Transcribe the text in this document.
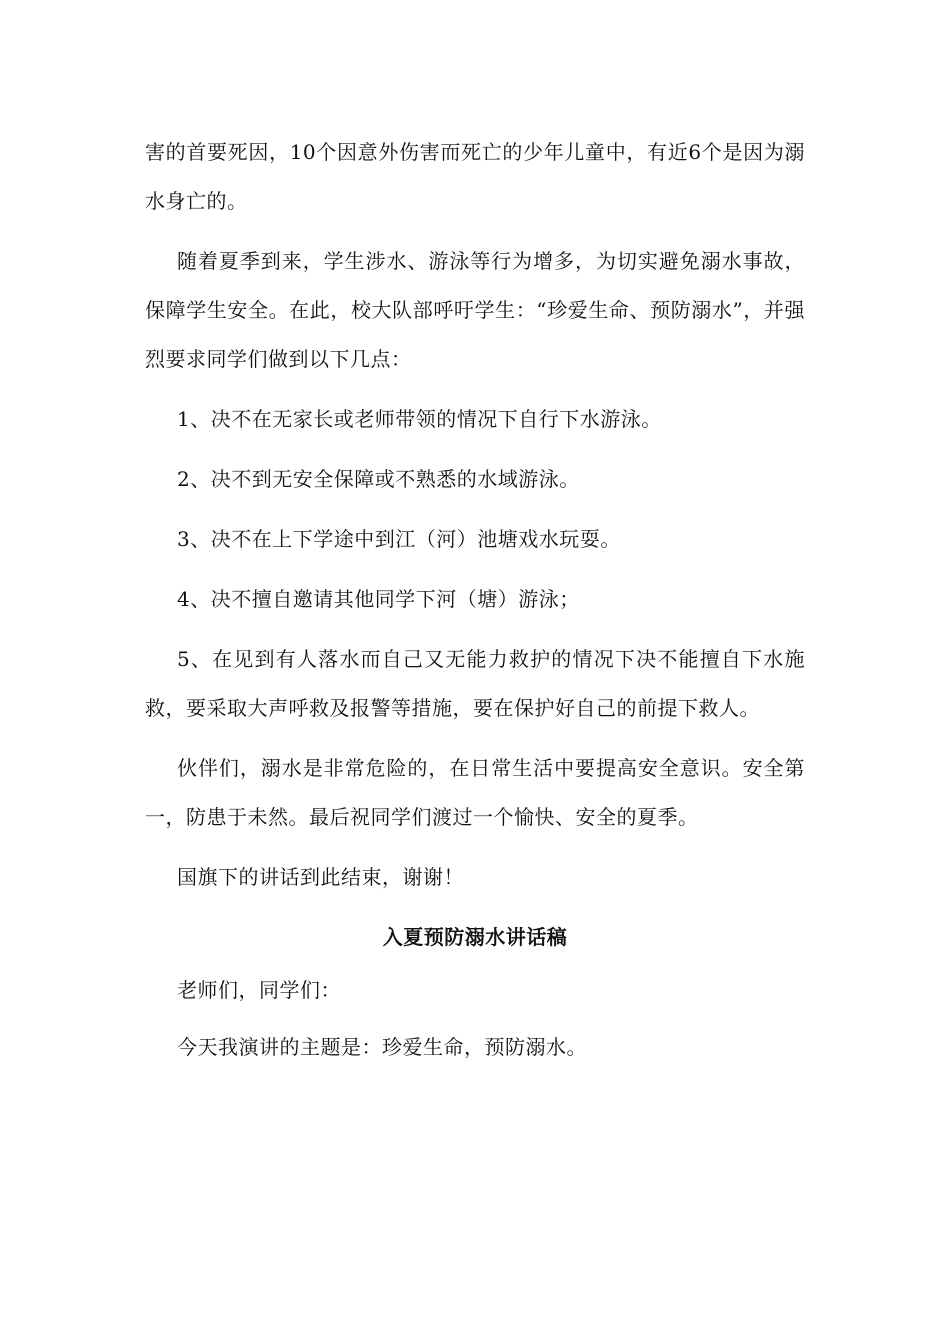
害的首要死因，10个因意外伤害而死亡的少年儿童中，有近6个是因为溺水身亡的。

随着夏季到来，学生涉水、游泳等行为增多，为切实避免溺水事故，保障学生安全。在此，校大队部呼吁学生：“珍爱生命、预防溺水”，并强烈要求同学们做到以下几点：

1、决不在无家长或老师带领的情况下自行下水游泳。

2、决不到无安全保障或不熟悉的水域游泳。

3、决不在上下学途中到江（河）池塘戏水玩耍。

4、决不擅自邀请其他同学下河（塘）游泳；

5、在见到有人落水而自己又无能力救护的情况下决不能擅自下水施救，要采取大声呼救及报警等措施，要在保护好自己的前提下救人。

伙伴们，溺水是非常危险的，在日常生活中要提高安全意识。安全第一，防患于未然。最后祝同学们渡过一个愉快、安全的夏季。

国旗下的讲话到此结束，谢谢！

入夏预防溺水讲话稿

老师们，同学们：

今天我演讲的主题是：珍爱生命，预防溺水。
